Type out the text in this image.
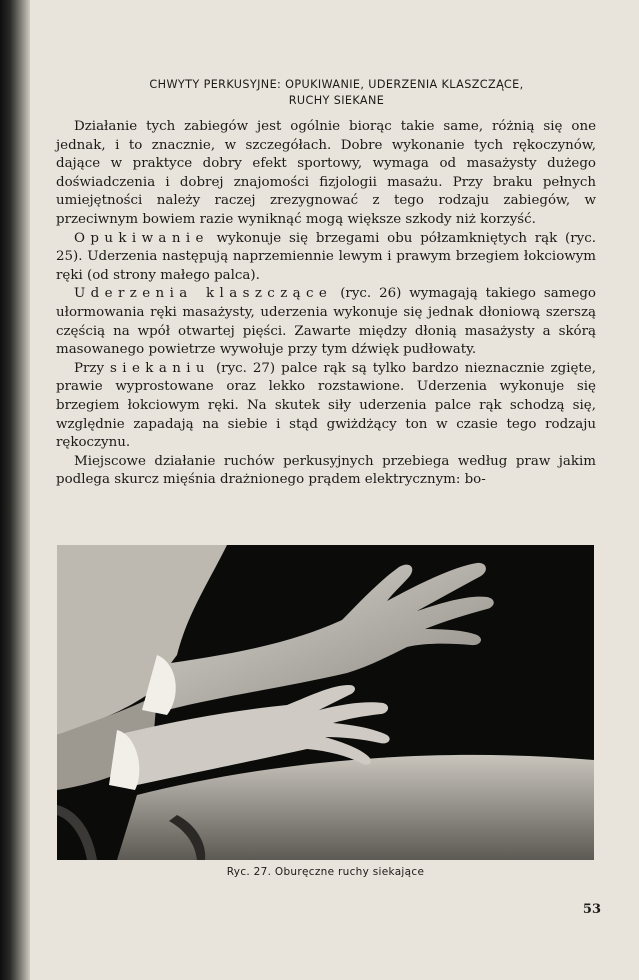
CHWYTY PERKUSYJNE: OPUKIWANIE, UDERZENIA KLASZCZĄCE,
RUCHY SIEKANE

Działanie tych zabiegów jest ogólnie biorąc takie same, różnią się one jednak, i to znacznie, w szczegółach. Dobre wykonanie tych rękoczynów, dające w praktyce dobry efekt sportowy, wymaga od masażysty dużego doświadczenia i dobrej znajomości fizjologii masażu. Przy braku pełnych umiejętności należy raczej zrezygnować z tego rodzaju zabiegów, w przeciwnym bowiem razie wyniknąć mogą większe szkody niż korzyść.

Opukiwanie wykonuje się brzegami obu półzamkniętych rąk (ryc. 25). Uderzenia następują naprzemiennie lewym i prawym brzegiem łokciowym ręki (od strony małego palca).

Uderzenia klaszczące (ryc. 26) wymagają takiego samego ułormowania ręki masażysty, uderzenia wykonuje się jednak dłoniową szerszą częścią na wpół otwartej pięści. Zawarte między dłonią masażysty a skórą masowanego powietrze wywołuje przy tym dźwięk pudłowaty.

Przy siekaniu (ryc. 27) palce rąk są tylko bardzo nieznacznie zgięte, prawie wyprostowane oraz lekko rozstawione. Uderzenia wykonuje się brzegiem łokciowym ręki. Na skutek siły uderzenia palce rąk schodzą się, względnie zapadają na siebie i stąd gwiżdżący ton w czasie tego rodzaju rękoczynu.

Miejscowe działanie ruchów perkusyjnych przebiega według praw jakim podlega skurcz mięśnia drażnionego prądem elektrycznym: bo-

Ryc. 27. Oburęczne ruchy siekające
53
